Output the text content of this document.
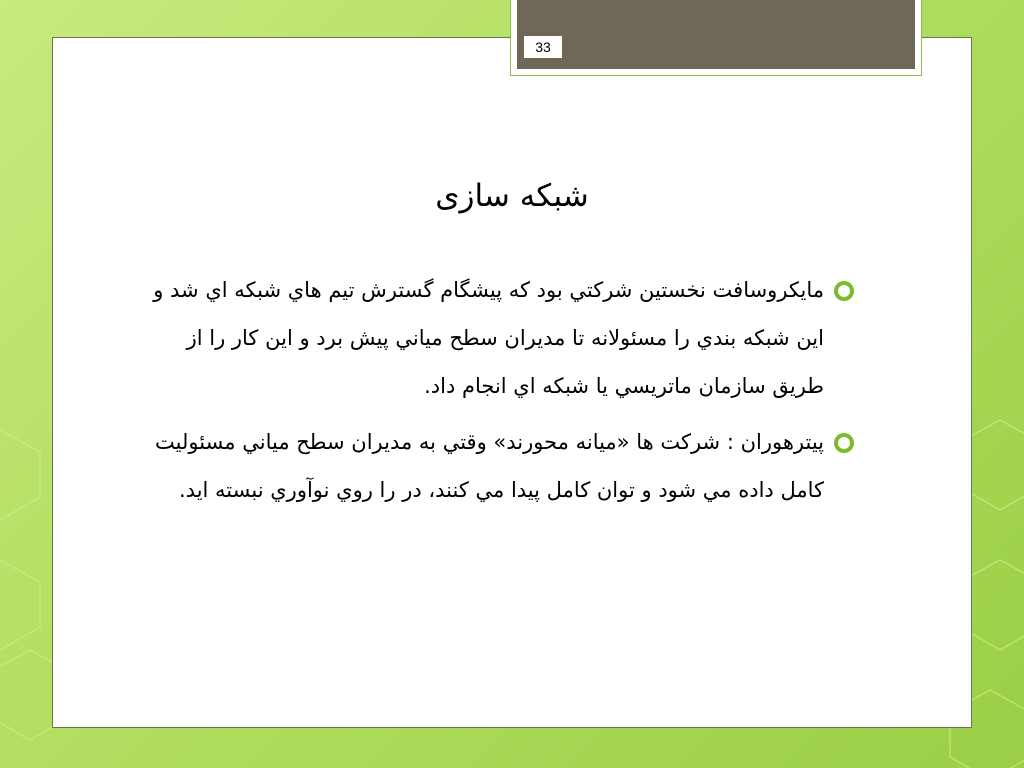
33
شبکه سازی
مايکروسافت نخستين شرکتي بود که پيشگام گسترش تيم هاي شبکه اي شد و اين شبکه بندي را مسئولانه تا مديران سطح مياني پيش برد و اين کار را از طريق سازمان ماتريسي يا شبکه اي انجام داد.
پیترهوران : شرکت ها «میانه محورند» وقتي به مديران سطح مياني مسئوليت کامل داده مي شود و توان کامل پيدا مي کنند، در را روي نوآوري نبسته ايد.
